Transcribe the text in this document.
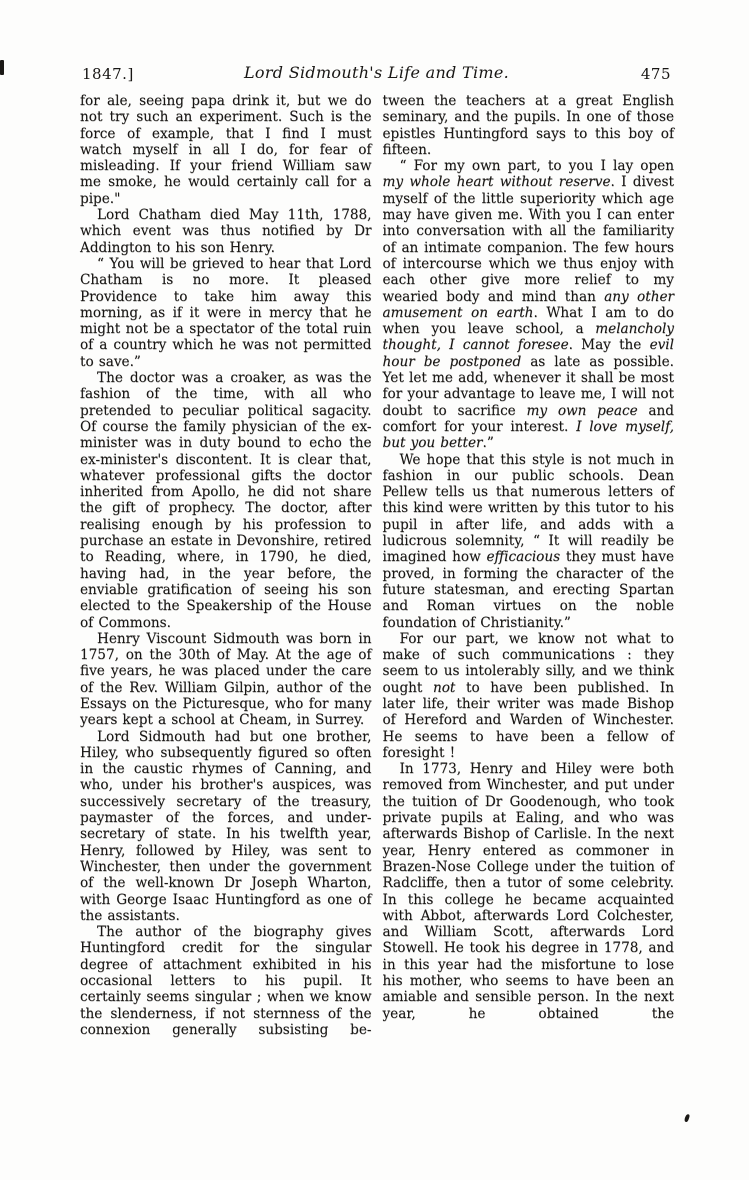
1847.]	Lord Sidmouth's Life and Time.	475

for ale, seeing papa drink it, but we do not try such an experiment. Such is the force of example, that I find I must watch myself in all I do, for fear of misleading. If your friend William saw me smoke, he would certainly call for a pipe."

Lord Chatham died May 11th, 1788, which event was thus notified by Dr Addington to his son Henry.

“ You will be grieved to hear that Lord Chatham is no more. It pleased Providence to take him away this morning, as if it were in mercy that he might not be a spectator of the total ruin of a country which he was not permitted to save.”

The doctor was a croaker, as was the fashion of the time, with all who pretended to peculiar political sagacity. Of course the family physician of the ex-minister was in duty bound to echo the ex-minister's discontent. It is clear that, whatever professional gifts the doctor inherited from Apollo, he did not share the gift of prophecy. The doctor, after realising enough by his profession to purchase an estate in Devonshire, retired to Reading, where, in 1790, he died, having had, in the year before, the enviable gratification of seeing his son elected to the Speakership of the House of Commons.

Henry Viscount Sidmouth was born in 1757, on the 30th of May. At the age of five years, he was placed under the care of the Rev. William Gilpin, author of the Essays on the Picturesque, who for many years kept a school at Cheam, in Surrey.

Lord Sidmouth had but one brother, Hiley, who subsequently figured so often in the caustic rhymes of Canning, and who, under his brother's auspices, was successively secretary of the treasury, paymaster of the forces, and under-secretary of state. In his twelfth year, Henry, followed by Hiley, was sent to Winchester, then under the government of the well-known Dr Joseph Wharton, with George Isaac Huntingford as one of the assistants.

The author of the biography gives Huntingford credit for the singular degree of attachment exhibited in his occasional letters to his pupil. It certainly seems singular ; when we know the slenderness, if not sternness of the connexion generally subsisting be-

tween the teachers at a great English seminary, and the pupils. In one of those epistles Huntingford says to this boy of fifteen.

“ For my own part, to you I lay open my whole heart without reserve. I divest myself of the little superiority which age may have given me. With you I can enter into conversation with all the familiarity of an intimate companion. The few hours of intercourse which we thus enjoy with each other give more relief to my wearied body and mind than any other amusement on earth. What I am to do when you leave school, a melancholy thought, I cannot foresee. May the evil hour be postponed as late as possible. Yet let me add, whenever it shall be most for your advantage to leave me, I will not doubt to sacrifice my own peace and comfort for your interest. I love myself, but you better.”

We hope that this style is not much in fashion in our public schools. Dean Pellew tells us that numerous letters of this kind were written by this tutor to his pupil in after life, and adds with a ludicrous solemnity, “ It will readily be imagined how efficacious they must have proved, in forming the character of the future statesman, and erecting Spartan and Roman virtues on the noble foundation of Christianity.”

For our part, we know not what to make of such communications : they seem to us intolerably silly, and we think ought not to have been published. In later life, their writer was made Bishop of Hereford and Warden of Winchester. He seems to have been a fellow of foresight !

In 1773, Henry and Hiley were both removed from Winchester, and put under the tuition of Dr Goodenough, who took private pupils at Ealing, and who was afterwards Bishop of Carlisle. In the next year, Henry entered as commoner in Brazen-Nose College under the tuition of Radcliffe, then a tutor of some celebrity. In this college he became acquainted with Abbot, afterwards Lord Colchester, and William Scott, afterwards Lord Stowell. He took his degree in 1778, and in this year had the misfortune to lose his mother, who seems to have been an amiable and sensible person. In the next year, he obtained the
